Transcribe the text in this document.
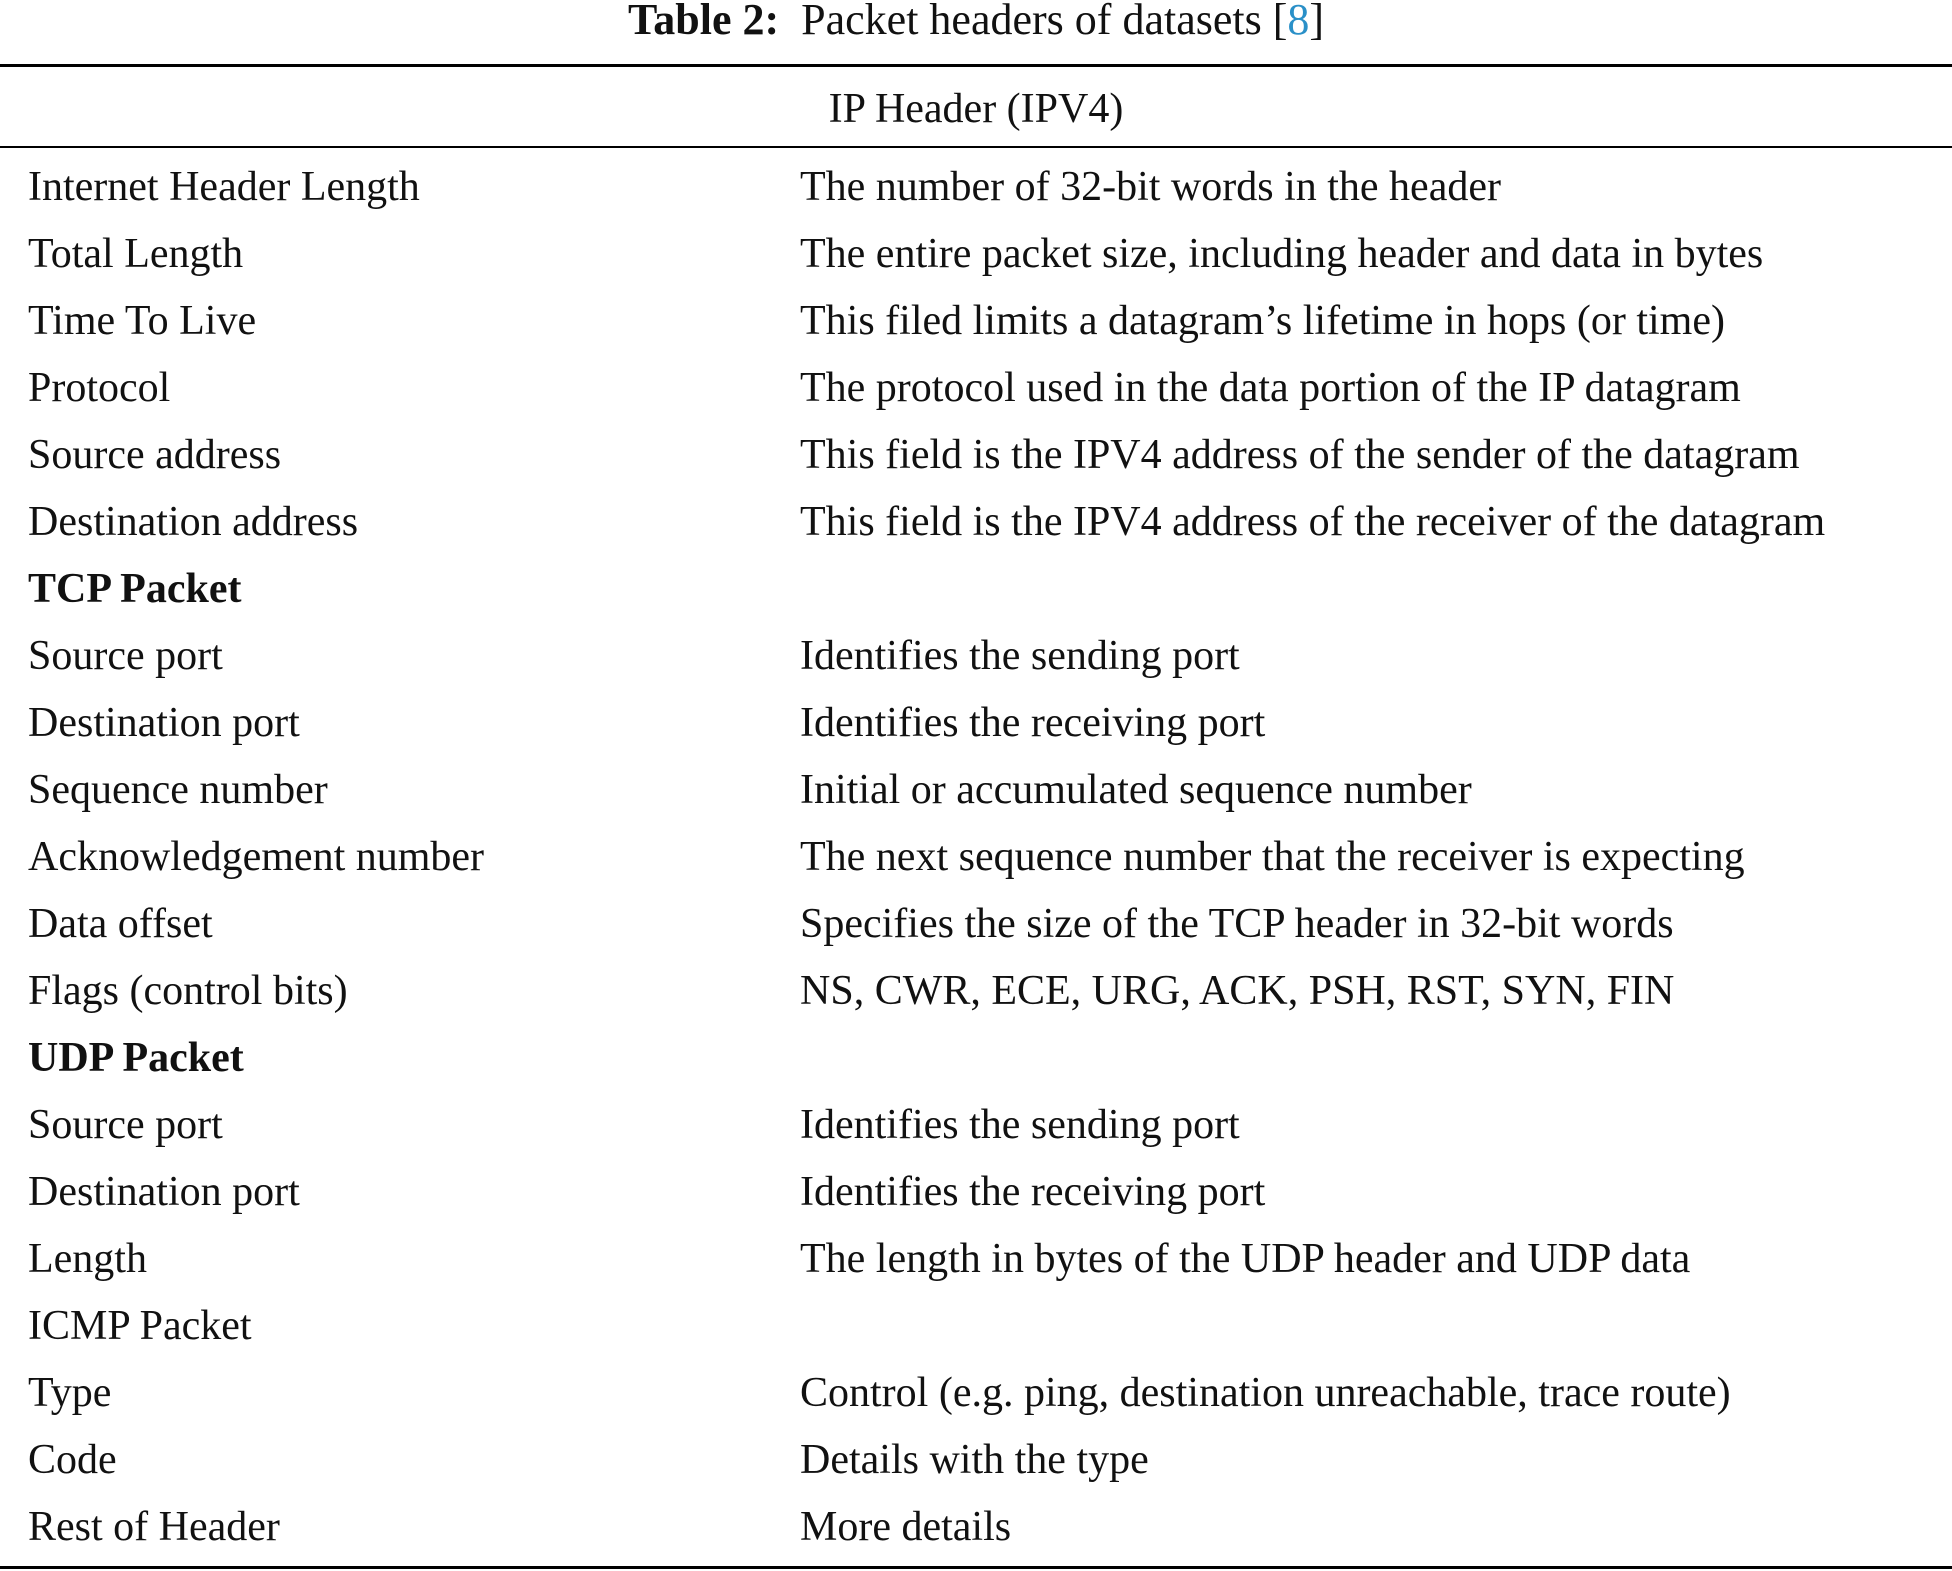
Table 2: Packet headers of datasets [8]
IP Header (IPV4)
Internet Header Length	The number of 32-bit words in the header
Total Length	The entire packet size, including header and data in bytes
Time To Live	This filed limits a datagram’s lifetime in hops (or time)
Protocol	The protocol used in the data portion of the IP datagram
Source address	This field is the IPV4 address of the sender of the datagram
Destination address	This field is the IPV4 address of the receiver of the datagram
TCP Packet
Source port	Identifies the sending port
Destination port	Identifies the receiving port
Sequence number	Initial or accumulated sequence number
Acknowledgement number	The next sequence number that the receiver is expecting
Data offset	Specifies the size of the TCP header in 32-bit words
Flags (control bits)	NS, CWR, ECE, URG, ACK, PSH, RST, SYN, FIN
UDP Packet
Source port	Identifies the sending port
Destination port	Identifies the receiving port
Length	The length in bytes of the UDP header and UDP data
ICMP Packet
Type	Control (e.g. ping, destination unreachable, trace route)
Code	Details with the type
Rest of Header	More details
